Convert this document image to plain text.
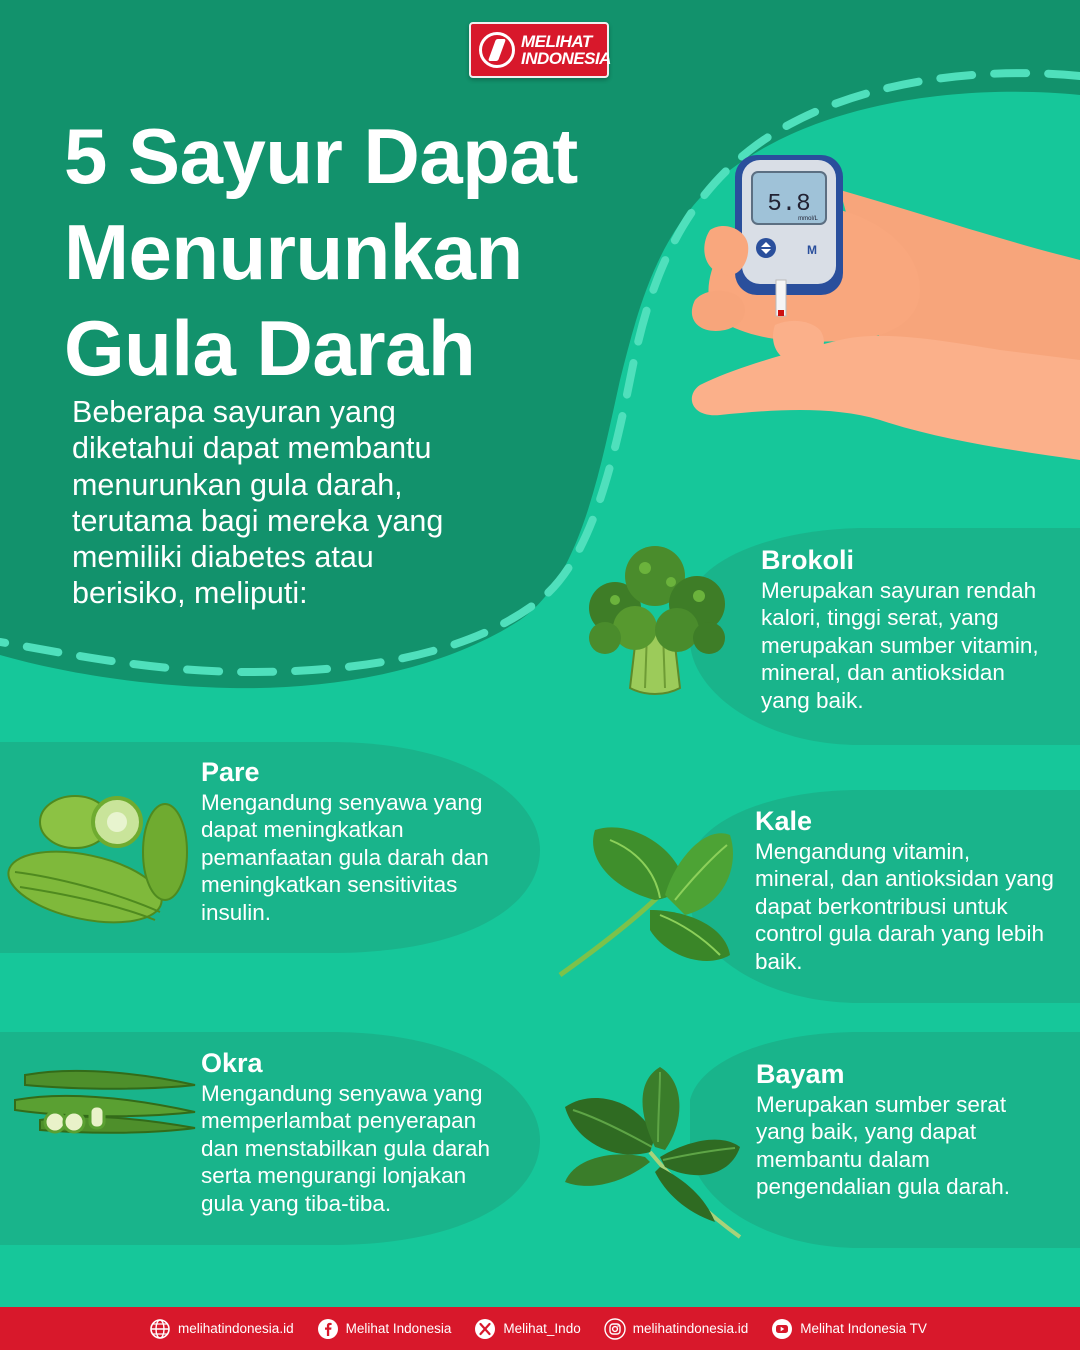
MELIHAT
INDONESIA
5 Sayur Dapat
Menurunkan
Gula Darah
Beberapa sayuran yang
diketahui dapat membantu
menurunkan gula darah,
terutama bagi mereka yang
memiliki diabetes atau
berisiko, meliputi:
5.8
mmol/L
M
Brokoli
Merupakan sayuran rendah
kalori, tinggi serat, yang
merupakan sumber vitamin,
mineral, dan antioksidan
yang baik.
Pare
Mengandung senyawa yang
dapat meningkatkan
pemanfaatan gula darah dan
meningkatkan sensitivitas
insulin.
Kale
Mengandung vitamin,
mineral, dan antioksidan yang
dapat berkontribusi untuk
control gula darah yang lebih
baik.
Okra
Mengandung senyawa yang
memperlambat penyerapan
dan menstabilkan gula darah
serta mengurangi lonjakan
gula yang tiba-tiba.
Bayam
Merupakan sumber serat
yang baik, yang dapat
membantu dalam
pengendalian gula darah.
melihatindonesia.id	Melihat Indonesia	Melihat_Indo	melihatindonesia.id	Melihat Indonesia TV
